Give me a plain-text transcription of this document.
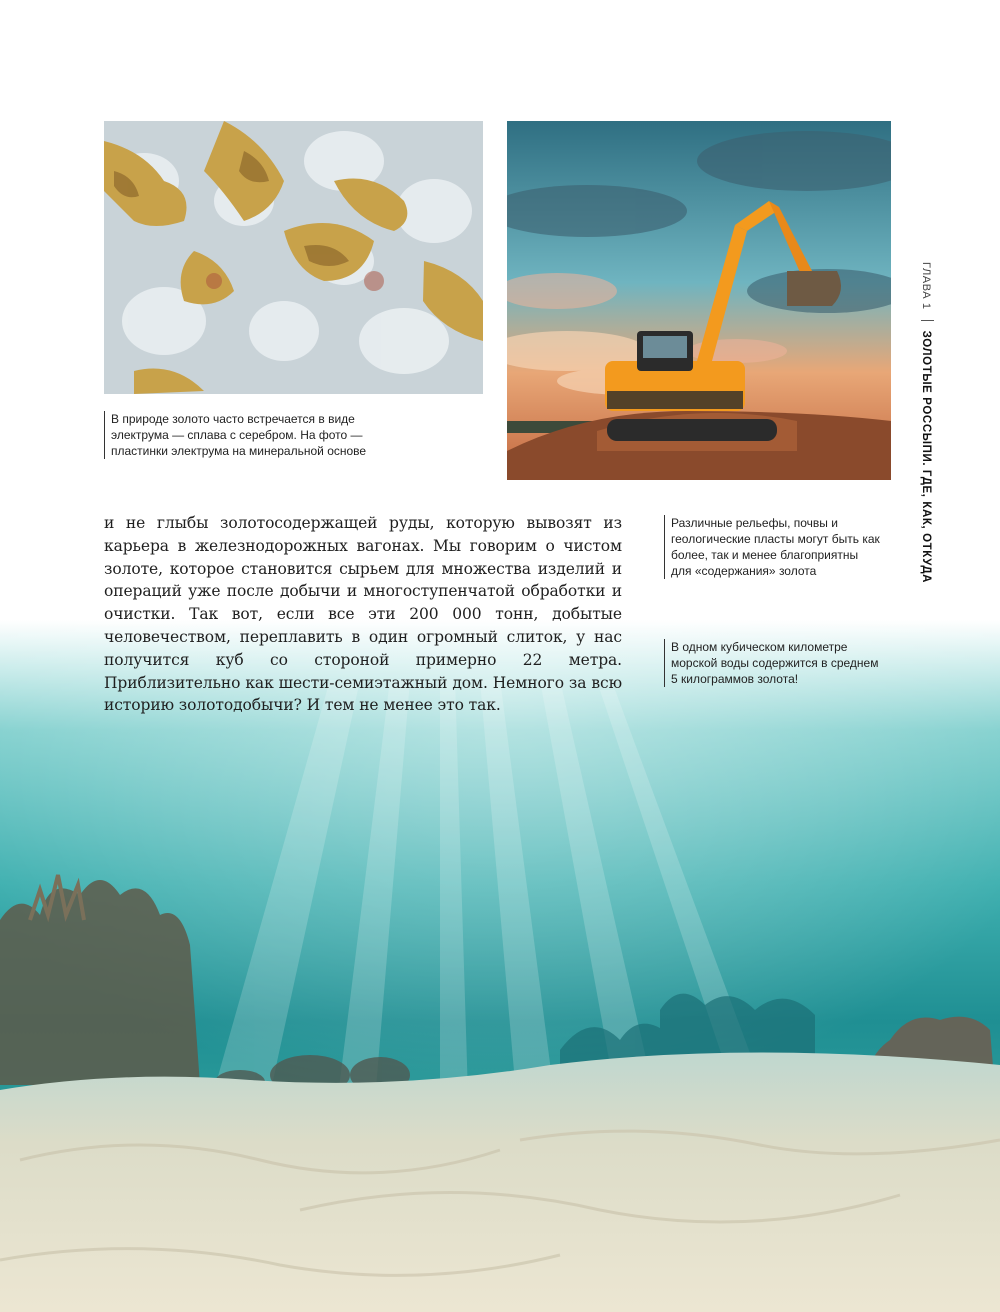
В природе золото часто встречается в виде электрума — сплава с серебром. На фото — пластинки электрума на минеральной основе
и не глыбы золотосодержащей руды, которую вывозят из карьера в железнодорожных вагонах. Мы говорим о чистом золоте, которое становится сырьем для множества изделий и операций уже после добычи и многоступенчатой обработки и очистки. Так вот, если все эти 200 000 тонн, добытые человечеством, переплавить в один огромный слиток, у нас получится куб со стороной примерно 22 метра. Приблизительно как шести-семиэтажный дом. Немного за всю историю золотодобычи? И тем не менее это так.
Различные рельефы, почвы и геологические пласты могут быть как более, так и менее благоприятны для «содержания» золота
В одном кубическом километре морской воды содержится в среднем 5 килограммов золота!
ГЛАВА 1ЗОЛОТЫЕ РОССЫПИ. ГДЕ, КАК, ОТКУДА
